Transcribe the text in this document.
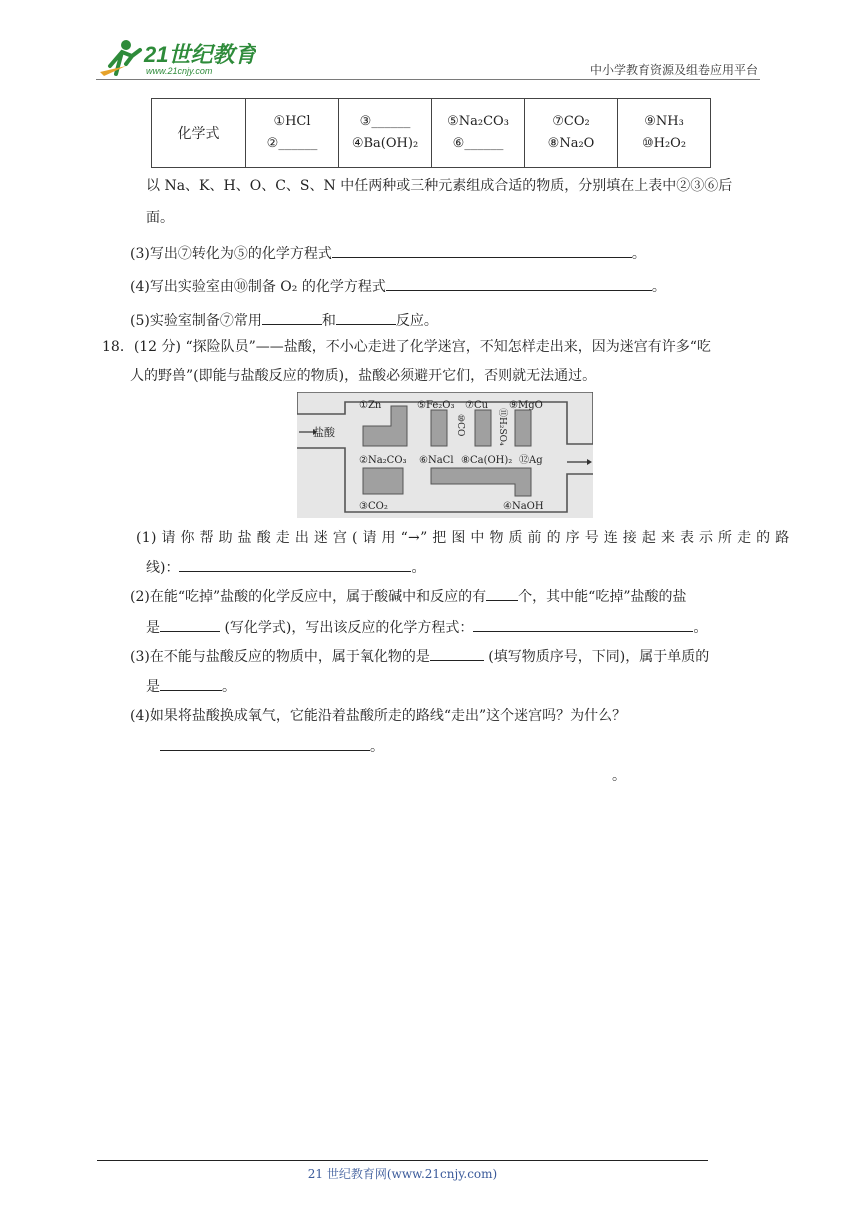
21世纪教育
www.21cnjy.com	中小学教育资源及组卷应用平台
化学式	
①HCl
②______

③______
④Ba(OH)₂

⑤Na₂CO₃
⑥______

⑦CO₂
⑧Na₂O

⑨NH₃
⑩H₂O₂
以 Na、K、H、O、C、S、N 中任两种或三种元素组成合适的物质，分别填在上表中②③⑥后
面。
(3)写出⑦转化为⑤的化学方程式	。
(4)写出实验室由⑩制备 O₂ 的化学方程式	。
(5)实验室制备⑦常用	和	反应。
18．(12 分) “探险队员”——盐酸，不小心走进了化学迷宫，不知怎样走出来，因为迷宫有许多“吃
人的野兽”(即能与盐酸反应的物质)，盐酸必须避开它们，否则就无法通过。
盐酸
①Zn	⑤Fe₂O₃ ⑦Cu ⑨MgO
⑩CO	⑪H₂SO₄
②Na₂CO₃ ⑥NaCl ⑧Ca(OH)₂ ⑫Ag
③CO₂	④NaOH
(1) 请 你 帮 助 盐 酸 走 出 迷 宫 ( 请 用 “→” 把 图 中 物 质 前 的 序 号 连 接 起 来 表 示 所 走 的 路
线)：	。
(2)在能“吃掉”盐酸的化学反应中，属于酸碱中和反应的有 个，其中能“吃掉”盐酸的盐
是	(写化学式)，写出该反应的化学方程式：	。
(3)在不能与盐酸反应的物质中，属于氧化物的是	(填写物质序号，下同)，属于单质的
是	。
(4)如果将盐酸换成氧气，它能沿着盐酸所走的路线“走出”这个迷宫吗？为什么？
。
。
21 世纪教育网(www.21cnjy.com)
